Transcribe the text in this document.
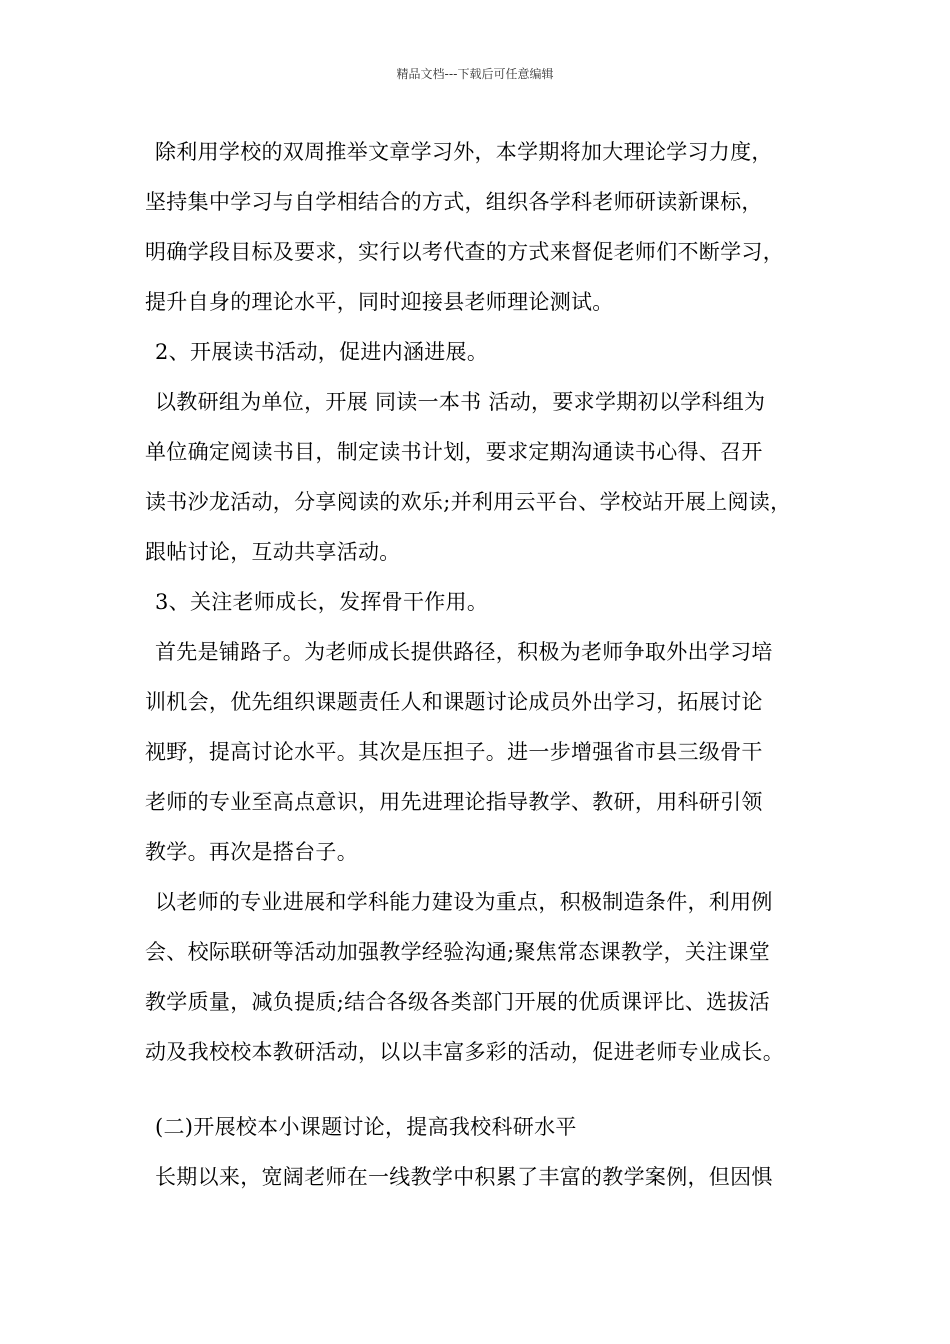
精品文档---下载后可任意编辑

除利用学校的双周推举文章学习外，本学期将加大理论学习力度，

坚持集中学习与自学相结合的方式，组织各学科老师研读新课标，

明确学段目标及要求，实行以考代查的方式来督促老师们不断学习，

提升自身的理论水平，同时迎接县老师理论测试。

2、开展读书活动，促进内涵进展。

以教研组为单位，开展 同读一本书 活动，要求学期初以学科组为

单位确定阅读书目，制定读书计划，要求定期沟通读书心得、召开

读书沙龙活动，分享阅读的欢乐;并利用云平台、学校站开展上阅读，

跟帖讨论，互动共享活动。

3、关注老师成长，发挥骨干作用。

首先是铺路子。为老师成长提供路径，积极为老师争取外出学习培

训机会，优先组织课题责任人和课题讨论成员外出学习，拓展讨论

视野，提高讨论水平。其次是压担子。进一步增强省市县三级骨干

老师的专业至高点意识，用先进理论指导教学、教研，用科研引领

教学。再次是搭台子。

以老师的专业进展和学科能力建设为重点，积极制造条件，利用例

会、校际联研等活动加强教学经验沟通;聚焦常态课教学，关注课堂

教学质量，减负提质;结合各级各类部门开展的优质课评比、选拔活

动及我校校本教研活动，以以丰富多彩的活动，促进老师专业成长。

(二)开展校本小课题讨论，提高我校科研水平

长期以来，宽阔老师在一线教学中积累了丰富的教学案例，但因惧
